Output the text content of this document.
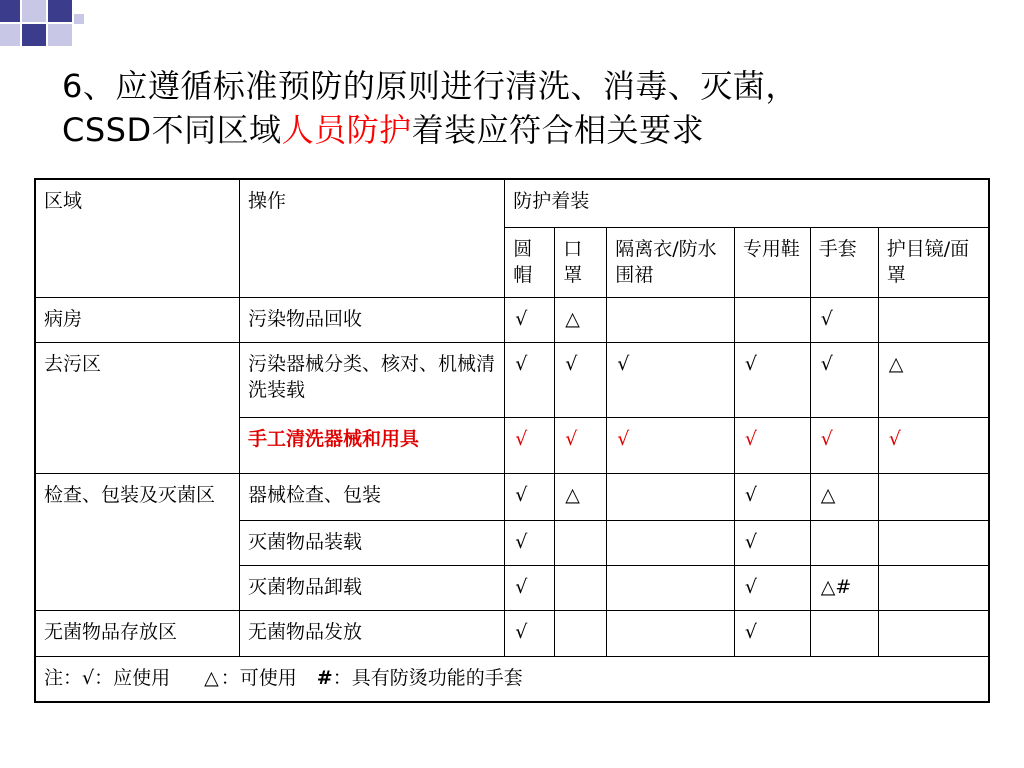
6、应遵循标准预防的原则进行清洗、消毒、灭菌，
CSSD不同区域人员防护着装应符合相关要求
区域	操作	防护着装					
		圆帽	口罩	隔离衣/防水围裙	专用鞋	手套	护目镜/面罩
病房	污染物品回收	√	△			√	
去污区	污染器械分类、核对、机械清洗装载	√	√	√	√	√	△
	手工清洗器械和用具	√	√	√	√	√	√
检查、包装及灭菌区	器械检查、包装	√	△		√	△	
	灭菌物品装载	√			√		
	灭菌物品卸载	√			√	△#	
无菌物品存放区	无菌物品发放	√			√		
注：√：应使用 △ ：可使用 #：具有防烫功能的手套							
